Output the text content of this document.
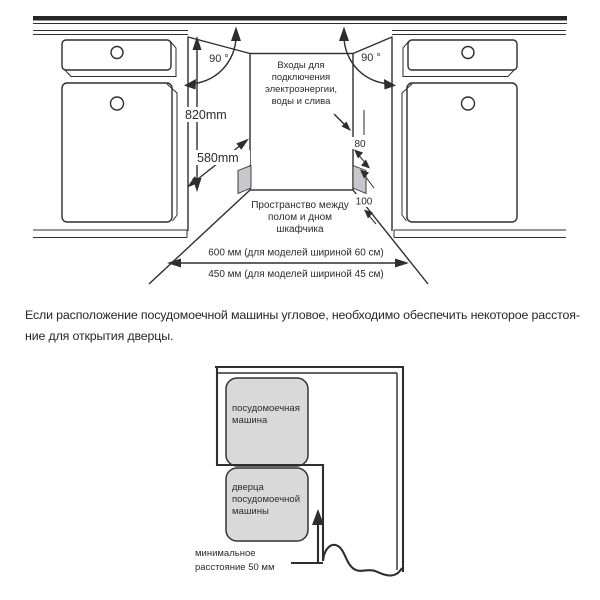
90 °	90 °
Входы для
подключения
электроэнергии,
воды и слива
820mm
580mm
80
100
Пространство между
полом и дном
шкафчика
600 мм (для моделей шириной 60 см)
450 мм (для моделей шириной 45 см)
Если расположение посудомоечной машины угловое, необходимо обеспечить некоторое расстоя-
ние для открытия дверцы.
посудомоечная
машина
дверца
посудомоечной
машины
минимальное
расстояние 50 мм
